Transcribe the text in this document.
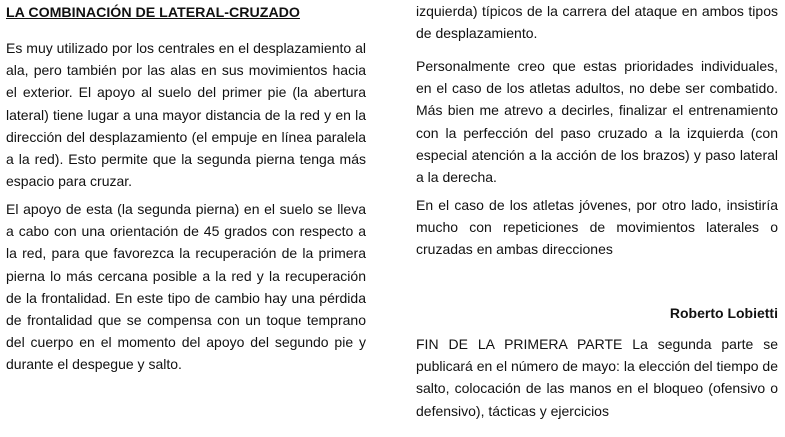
LA COMBINACIÓN DE LATERAL-CRUZADO

Es muy utilizado por los centrales en el desplazamiento al ala, pero también por las alas en sus movimientos hacia el exterior. El apoyo al suelo del primer pie (la abertura lateral) tiene lugar a una mayor distancia de la red y en la dirección del desplazamiento (el empuje en línea paralela a la red). Esto permite que la segunda pierna tenga más espacio para cruzar.

El apoyo de esta (la segunda pierna) en el suelo se lleva a cabo con una orientación de 45 grados con respecto a la red, para que favorezca la recuperación de la primera pierna lo más cercana posible a la red y la recuperación de la frontalidad. En este tipo de cambio hay una pérdida de frontalidad que se compensa con un toque temprano del cuerpo en el momento del apoyo del segundo pie y durante el despegue y salto.

izquierda) típicos de la carrera del ataque en ambos tipos de desplazamiento.

Personalmente creo que estas prioridades individuales, en el caso de los atletas adultos, no debe ser combatido. Más bien me atrevo a decirles, finalizar el entrenamiento con la perfección del paso cruzado a la izquierda (con especial atención a la acción de los brazos) y paso lateral a la derecha.

En el caso de los atletas jóvenes, por otro lado, insistiría mucho con repeticiones de movimientos laterales o cruzadas en ambas direcciones

Roberto Lobietti

FIN DE LA PRIMERA PARTE La segunda parte se publicará en el número de mayo: la elección del tiempo de salto, colocación de las manos en el bloqueo (ofensivo o defensivo), tácticas y ejercicios
